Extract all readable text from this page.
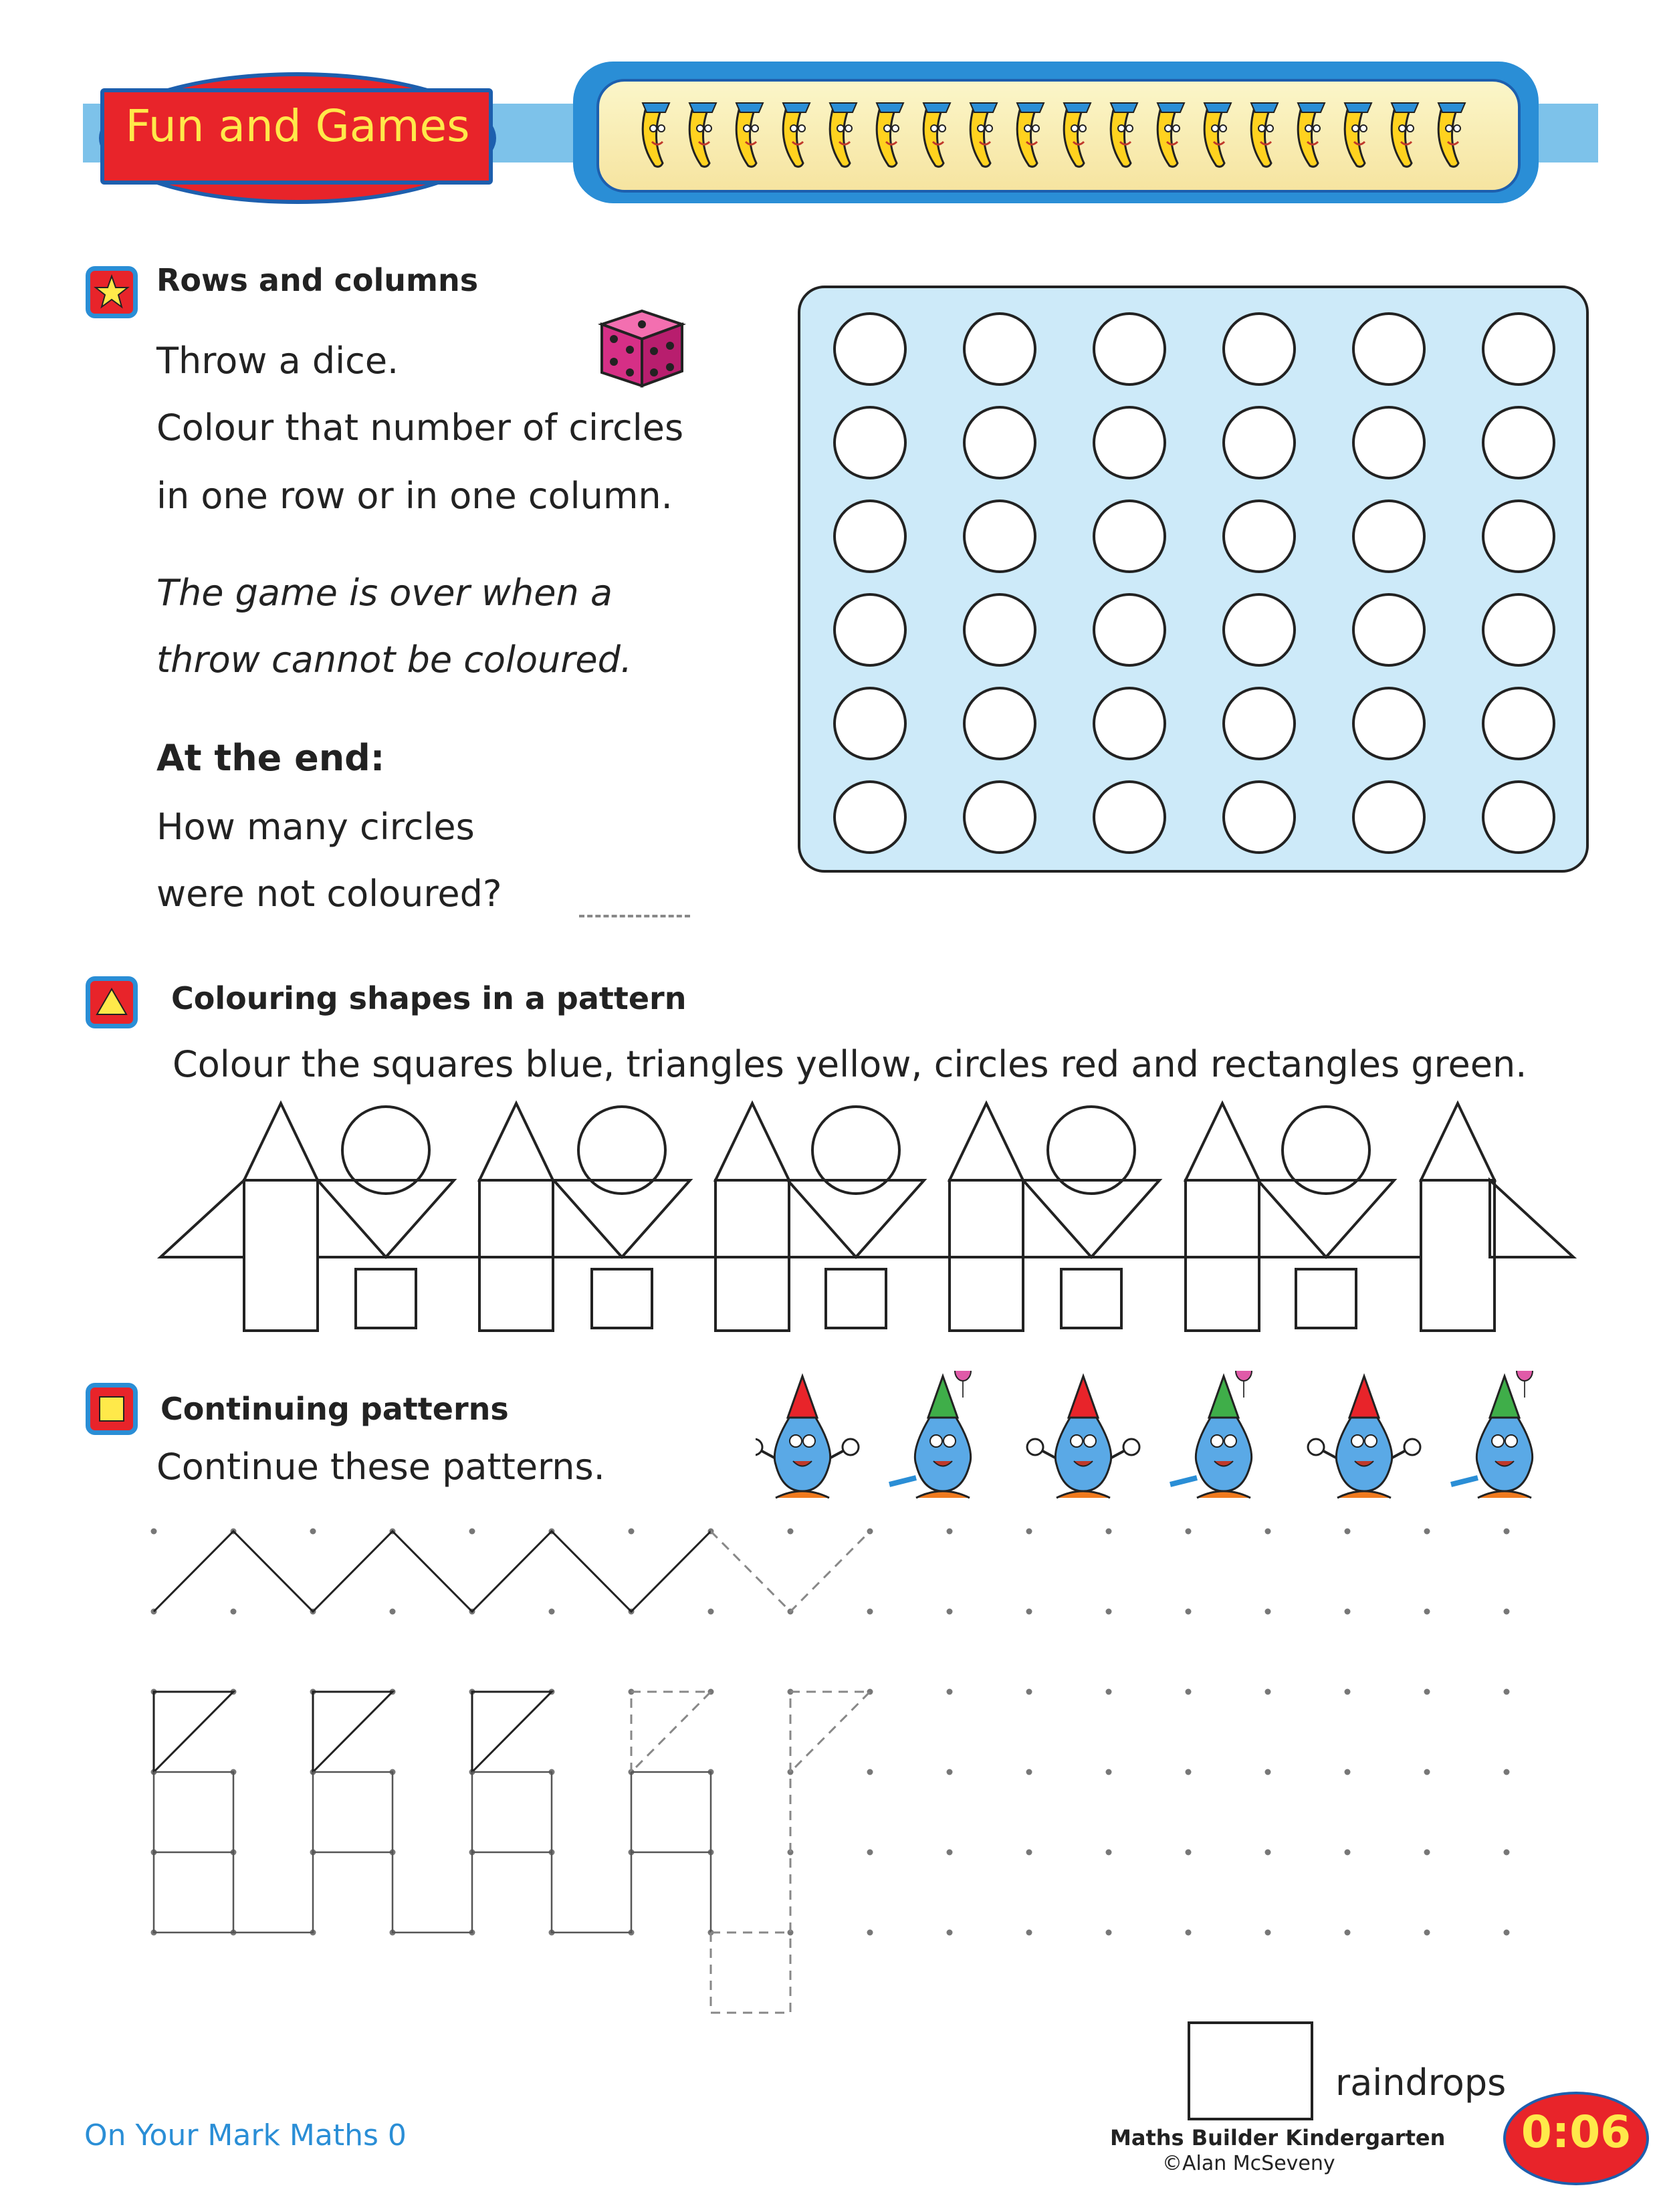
Fun and Games
Rows and columns
Throw a dice.
Colour that number of circles
in one row or in one column.
The game is over when a
throw cannot be coloured.
At the end:
How many circles
were not coloured?
Colouring shapes in a pattern
Colour the squares blue, triangles yellow, circles red and rectangles green.
Continuing patterns
Continue these patterns.
raindrops
On Your Mark Maths 0	Maths Builder Kindergarten
©Alan McSeveny
0:06
